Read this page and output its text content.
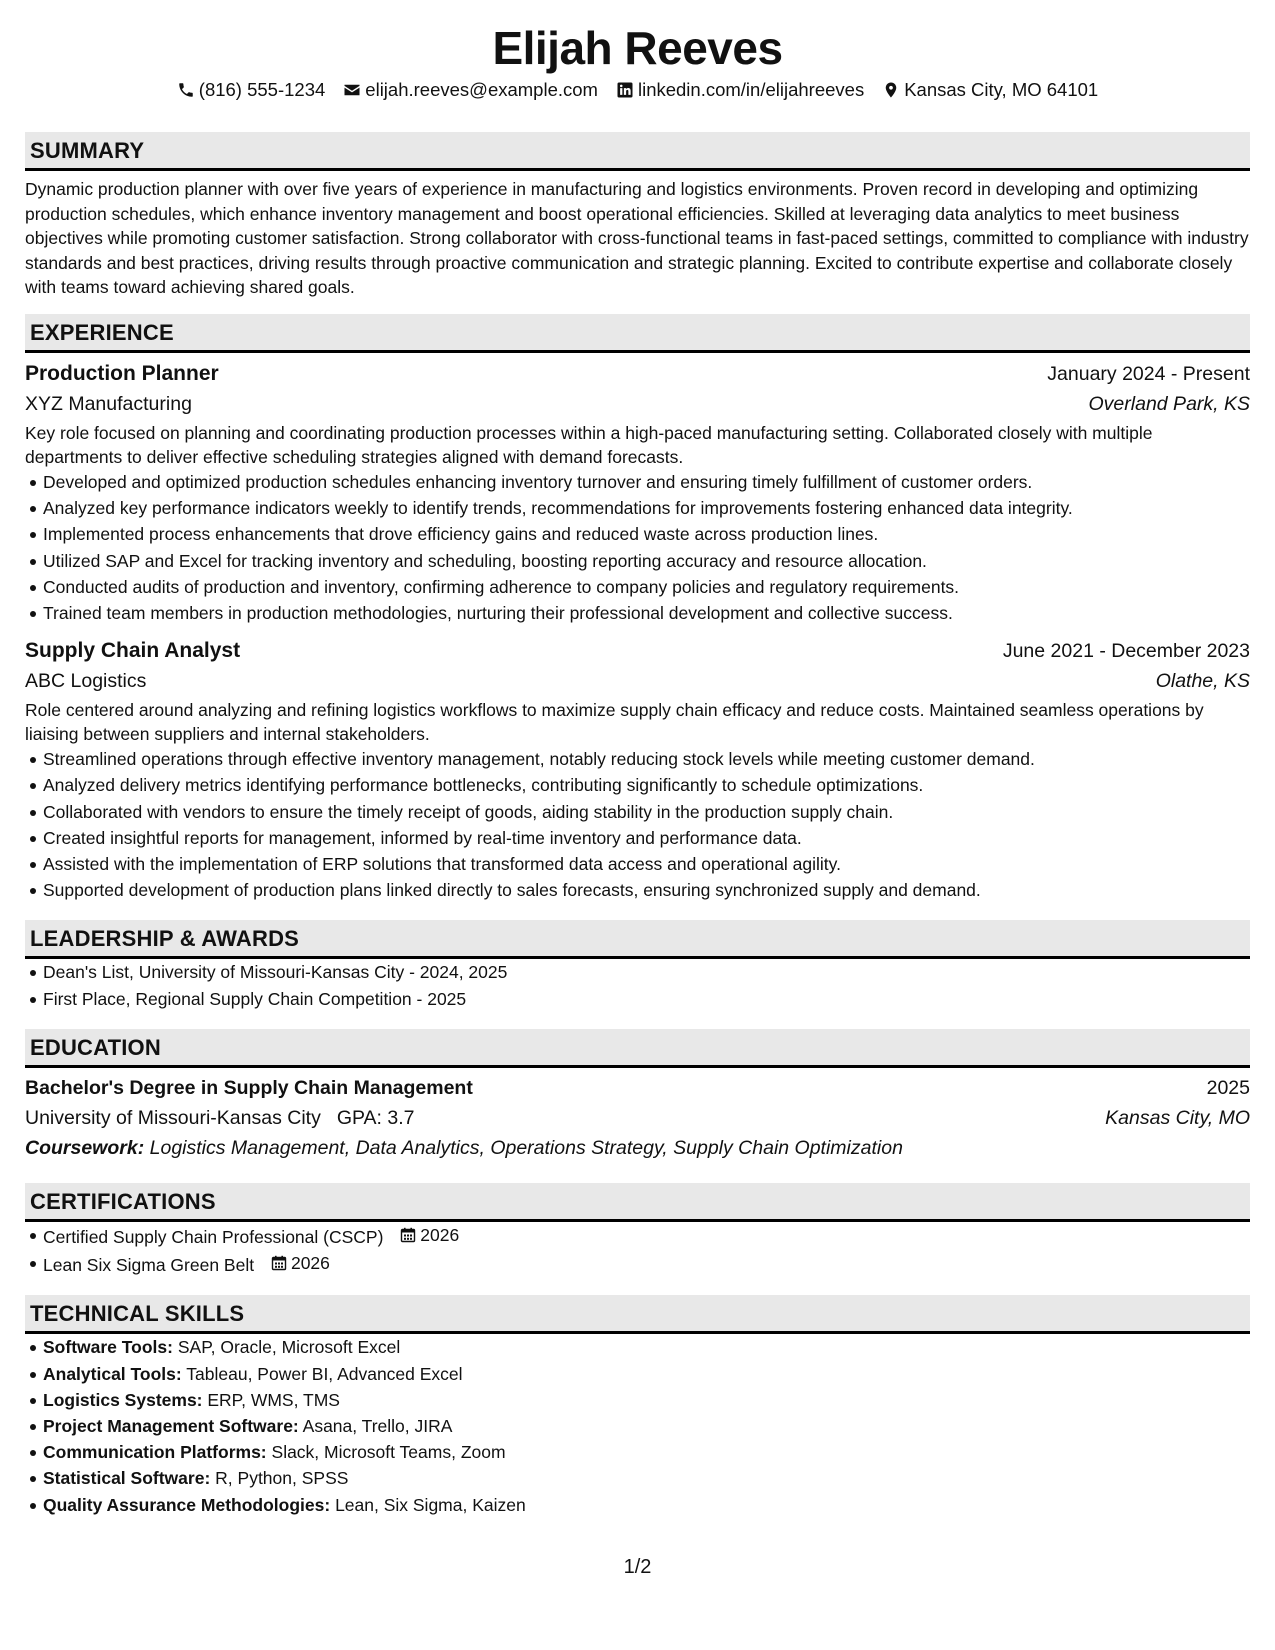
Elijah Reeves
(816) 555-1234 elijah.reeves@example.com linkedin.com/in/elijahreeves Kansas City, MO 64101
SUMMARY
Dynamic production planner with over five years of experience in manufacturing and logistics environments. Proven record in developing and optimizing production schedules, which enhance inventory management and boost operational efficiencies. Skilled at leveraging data analytics to meet business objectives while promoting customer satisfaction. Strong collaborator with cross-functional teams in fast-paced settings, committed to compliance with industry standards and best practices, driving results through proactive communication and strategic planning. Excited to contribute expertise and collaborate closely with teams toward achieving shared goals.
EXPERIENCE
Production Planner	January 2024 - Present
XYZ Manufacturing	Overland Park, KS
Key role focused on planning and coordinating production processes within a high-paced manufacturing setting. Collaborated closely with multiple departments to deliver effective scheduling strategies aligned with demand forecasts.
Developed and optimized production schedules enhancing inventory turnover and ensuring timely fulfillment of customer orders.
Analyzed key performance indicators weekly to identify trends, recommendations for improvements fostering enhanced data integrity.
Implemented process enhancements that drove efficiency gains and reduced waste across production lines.
Utilized SAP and Excel for tracking inventory and scheduling, boosting reporting accuracy and resource allocation.
Conducted audits of production and inventory, confirming adherence to company policies and regulatory requirements.
Trained team members in production methodologies, nurturing their professional development and collective success.
Supply Chain Analyst	June 2021 - December 2023
ABC Logistics	Olathe, KS
Role centered around analyzing and refining logistics workflows to maximize supply chain efficacy and reduce costs. Maintained seamless operations by liaising between suppliers and internal stakeholders.
Streamlined operations through effective inventory management, notably reducing stock levels while meeting customer demand.
Analyzed delivery metrics identifying performance bottlenecks, contributing significantly to schedule optimizations.
Collaborated with vendors to ensure the timely receipt of goods, aiding stability in the production supply chain.
Created insightful reports for management, informed by real-time inventory and performance data.
Assisted with the implementation of ERP solutions that transformed data access and operational agility.
Supported development of production plans linked directly to sales forecasts, ensuring synchronized supply and demand.
LEADERSHIP & AWARDS
Dean's List, University of Missouri-Kansas City - 2024, 2025
First Place, Regional Supply Chain Competition - 2025
EDUCATION
Bachelor's Degree in Supply Chain Management	2025
University of Missouri-Kansas City GPA: 3.7	Kansas City, MO
Coursework: Logistics Management, Data Analytics, Operations Strategy, Supply Chain Optimization
CERTIFICATIONS
Certified Supply Chain Professional (CSCP) 2026
Lean Six Sigma Green Belt 2026
TECHNICAL SKILLS
Software Tools: SAP, Oracle, Microsoft Excel
Analytical Tools: Tableau, Power BI, Advanced Excel
Logistics Systems: ERP, WMS, TMS
Project Management Software: Asana, Trello, JIRA
Communication Platforms: Slack, Microsoft Teams, Zoom
Statistical Software: R, Python, SPSS
Quality Assurance Methodologies: Lean, Six Sigma, Kaizen
1/2
